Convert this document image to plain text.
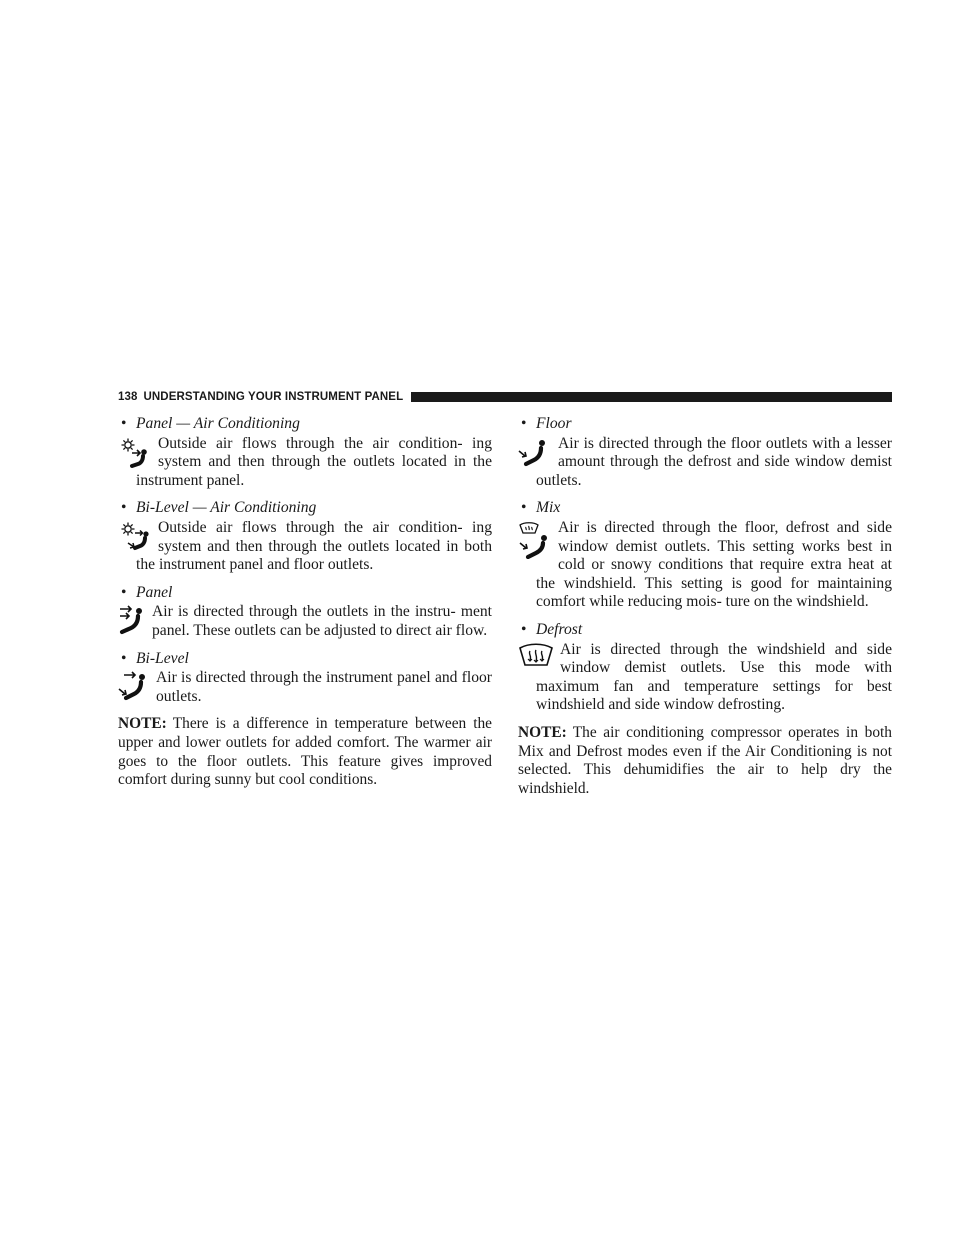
138 UNDERSTANDING YOUR INSTRUMENT PANEL
• Panel — Air Conditioning
Outside air flows through the air condition- ing system and then through the outlets located in the instrument panel.
• Bi-Level — Air Conditioning
Outside air flows through the air condition- ing system and then through the outlets located in both the instrument panel and floor outlets.
• Panel
Air is directed through the outlets in the instru- ment panel. These outlets can be adjusted to direct air flow.
• Bi-Level
Air is directed through the instrument panel and floor outlets.
NOTE: There is a difference in temperature between the upper and lower outlets for added comfort. The warmer air goes to the floor outlets. This feature gives improved comfort during sunny but cool conditions.
• Floor
Air is directed through the floor outlets with a lesser amount through the defrost and side window demist outlets.
• Mix
Air is directed through the floor, defrost and side window demist outlets. This setting works best in cold or snowy conditions that require extra heat at the windshield. This setting is good for maintaining comfort while reducing mois- ture on the windshield.
• Defrost
Air is directed through the windshield and side window demist outlets. Use this mode with maximum fan and temperature settings for best windshield and side window defrosting.
NOTE: The air conditioning compressor operates in both Mix and Defrost modes even if the Air Conditioning is not selected. This dehumidifies the air to help dry the windshield.
